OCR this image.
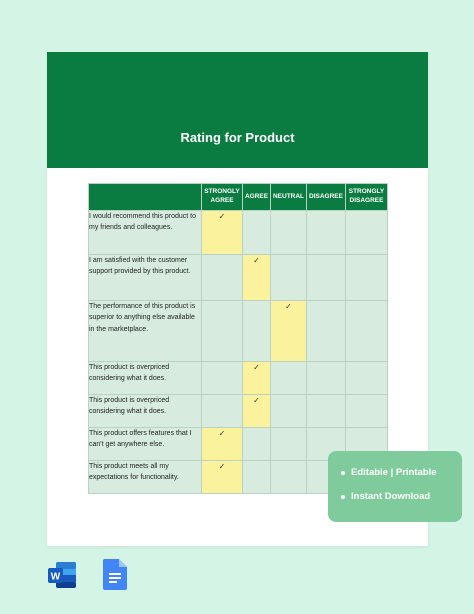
Rating for Product
	STRONGLY AGREE	AGREE	NEUTRAL	DISAGREE	STRONGLY DISAGREE
I would recommend this product to my friends and colleagues.	✓				

I am satisfied with the customer support provided by this product.		✓			

The performance of this product is superior to anything else available in the marketplace.			✓		

This product is overpriced considering what it does.		✓			

This product is overpriced considering what it does.		✓			

This product offers features that I can't get anywhere else.	✓				

This product meets all my expectations for functionality.	✓				

Editable | Printable
Instant Download
W
